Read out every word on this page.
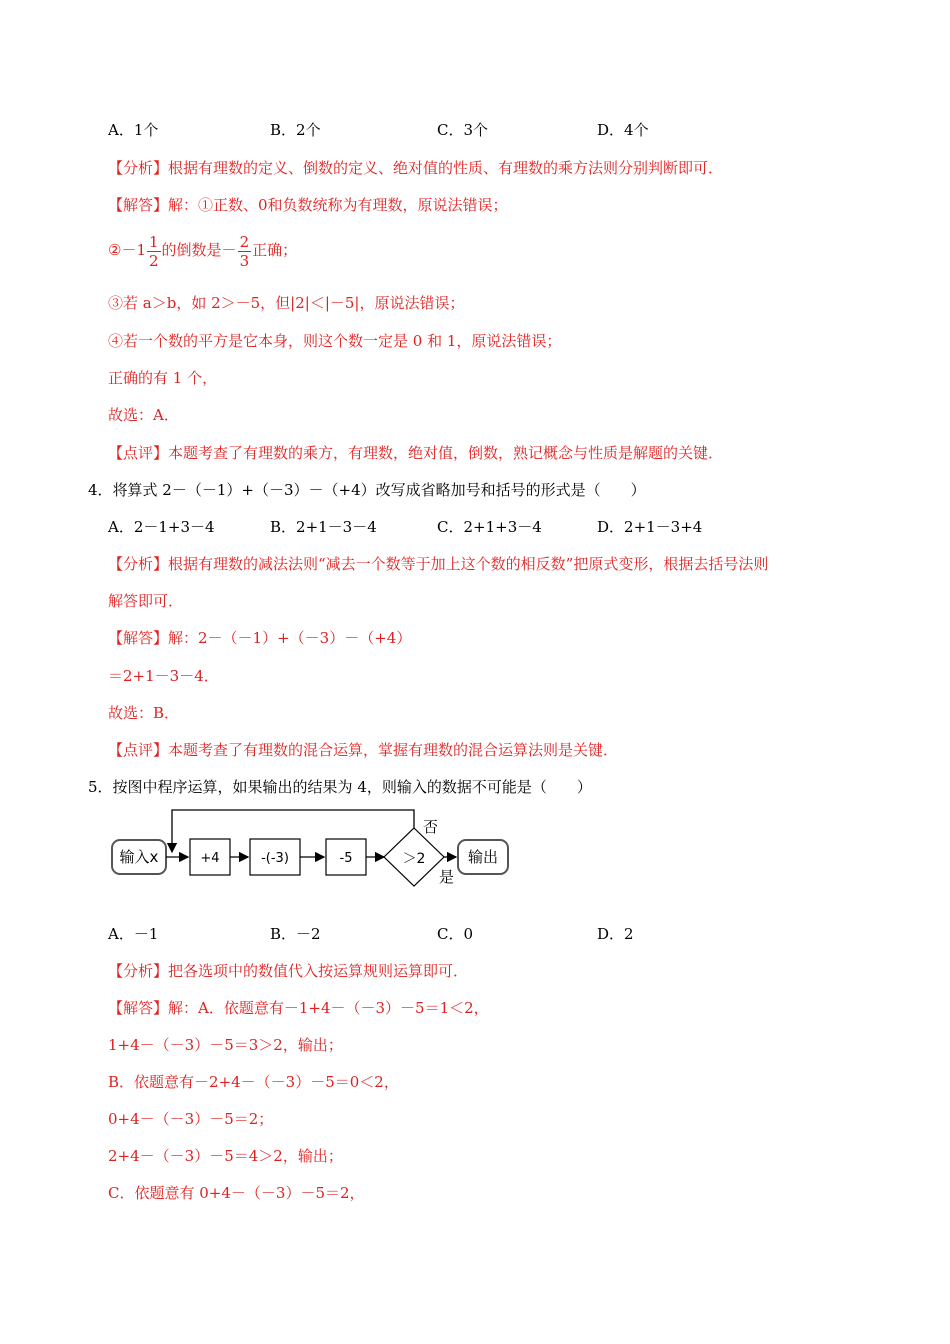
A．1个	B．2个	C．3个	D．4个
【分析】根据有理数的定义、倒数的定义、绝对值的性质、有理数的乘方法则分别判断即可．
【解答】解：①正数、0和负数统称为有理数，原说法错误；
②－1 $\frac{1}{2}$ 的倒数是－ $\frac{2}{3}$ 正确；
③若 a＞b，如 2＞－5，但|2|＜|－5|，原说法错误；
④若一个数的平方是它本身，则这个数一定是 0 和 1，原说法错误；
正确的有 1 个，
故选：A．
【点评】本题考查了有理数的乘方，有理数，绝对值，倒数，熟记概念与性质是解题的关键．
4．将算式 2－（－1）+（－3）－（+4）改写成省略加号和括号的形式是（　　）
A．2－1+3－4	B．2+1－3－4	C．2+1+3－4	D．2+1－3+4
【分析】根据有理数的减法法则“减去一个数等于加上这个数的相反数”把原式变形，根据去括号法则
解答即可．
【解答】解：2－（－1）+（－3）－（+4）
＝2+1－3－4．
故选：B．
【点评】本题考查了有理数的混合运算，掌握有理数的混合运算法则是关键．
5．按图中程序运算，如果输出的结果为 4，则输入的数据不可能是（　　）
输入x	+4	-(-3)	-5	＞2
否
是
输出
A．－1	B．－2	C．0	D．2
【分析】把各选项中的数值代入按运算规则运算即可．
【解答】解：A．依题意有－1+4－（－3）－5＝1＜2，
1+4－（－3）－5＝3＞2，输出；
B．依题意有－2+4－（－3）－5＝0＜2，
0+4－（－3）－5＝2；
2+4－（－3）－5＝4＞2，输出；
C．依题意有 0+4－（－3）－5＝2，
